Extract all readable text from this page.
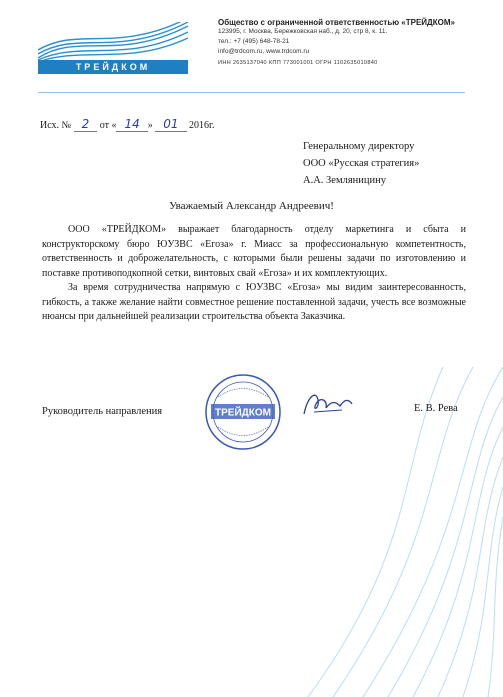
ТРЕЙДКОМ
Общество с ограниченной ответственностью «ТРЕЙДКОМ»
123995, г. Москва, Бережковская наб., д. 20, стр 8, к. 11.
тел.: +7 (495) 648-78-21
info@trdcom.ru, www.trdcom.ru
ИНН 2635137040 КПП 773001001 ОГРН 1102635010840
Исх. № 2 от « 14 » 01 2016г.
Генеральному директору
ООО «Русская стратегия»
А.А. Земляницину
Уважаемый Александр Андреевич!

ООО «ТРЕЙДКОМ» выражает благодарность отделу маркетинга и сбыта и конструкторскому бюро ЮУЗВС «Егоза» г. Миасс за профессиональную компетентность, ответственность и доброжелательность, с которыми были решены задачи по изготовлению и поставке противоподкопной сетки, винтовых свай «Егоза» и их комплектующих.

За время сотрудничества напрямую с ЮУЗВС «Егоза» мы видим заинтересованность, гибкость, а также желание найти совместное решение поставленной задачи, учесть все возможные нюансы при дальнейшей реализации строительства объекта Заказчика.

Руководитель направления	ТРЕЙДКОМ	Е. В. Рева
